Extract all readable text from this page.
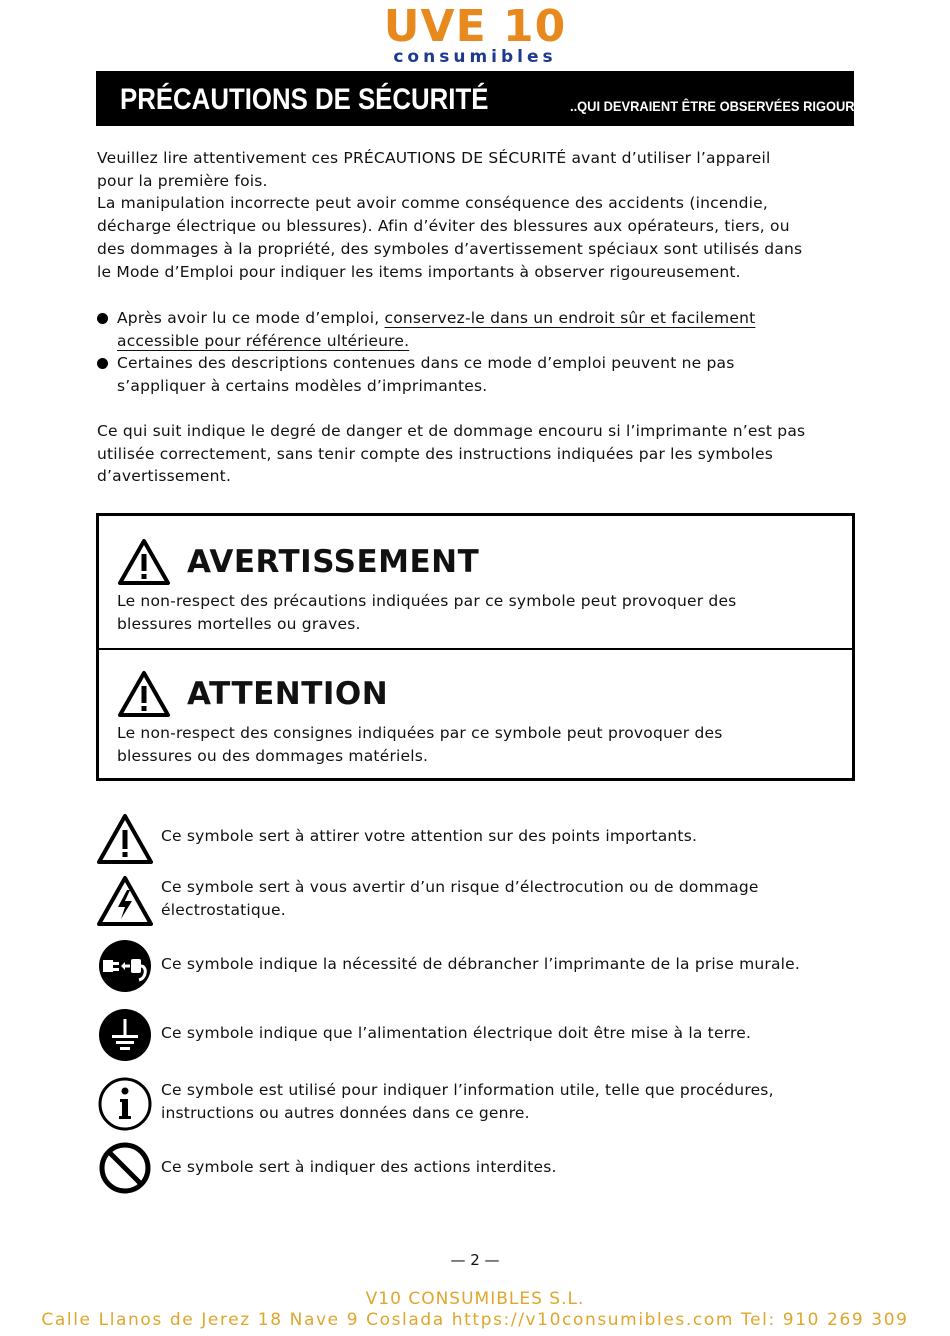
UVE 10
consumibles
PRÉCAUTIONS DE SÉCURITÉ	..QUI DEVRAIENT ÊTRE OBSERVÉES RIGOUREUSEMENT
Veuillez lire attentivement ces PRÉCAUTIONS DE SÉCURITÉ avant d’utiliser l’appareil
pour la première fois.
La manipulation incorrecte peut avoir comme conséquence des accidents (incendie,
décharge électrique ou blessures). Afin d’éviter des blessures aux opérateurs, tiers, ou
des dommages à la propriété, des symboles d’avertissement spéciaux sont utilisés dans
le Mode d’Emploi pour indiquer les items importants à observer rigoureusement.
Après avoir lu ce mode d’emploi, conservez-le dans un endroit sûr et facilement
accessible pour référence ultérieure.
Certaines des descriptions contenues dans ce mode d’emploi peuvent ne pas
s’appliquer à certains modèles d’imprimantes.
Ce qui suit indique le degré de danger et de dommage encouru si l’imprimante n’est pas
utilisée correctement, sans tenir compte des instructions indiquées par les symboles
d’avertissement.
AVERTISSEMENT
Le non-respect des précautions indiquées par ce symbole peut provoquer des
blessures mortelles ou graves.
ATTENTION
Le non-respect des consignes indiquées par ce symbole peut provoquer des
blessures ou des dommages matériels.
Ce symbole sert à attirer votre attention sur des points importants.
Ce symbole sert à vous avertir d’un risque d’électrocution ou de dommage
électrostatique.
Ce symbole indique la nécessité de débrancher l’imprimante de la prise murale.
Ce symbole indique que l’alimentation électrique doit être mise à la terre.
Ce symbole est utilisé pour indiquer l’information utile, telle que procédures,
instructions ou autres données dans ce genre.
Ce symbole sert à indiquer des actions interdites.
— 2 —
V10 CONSUMIBLES S.L.
Calle Llanos de Jerez 18 Nave 9 Coslada https://v10consumibles.com Tel: 910 269 309
